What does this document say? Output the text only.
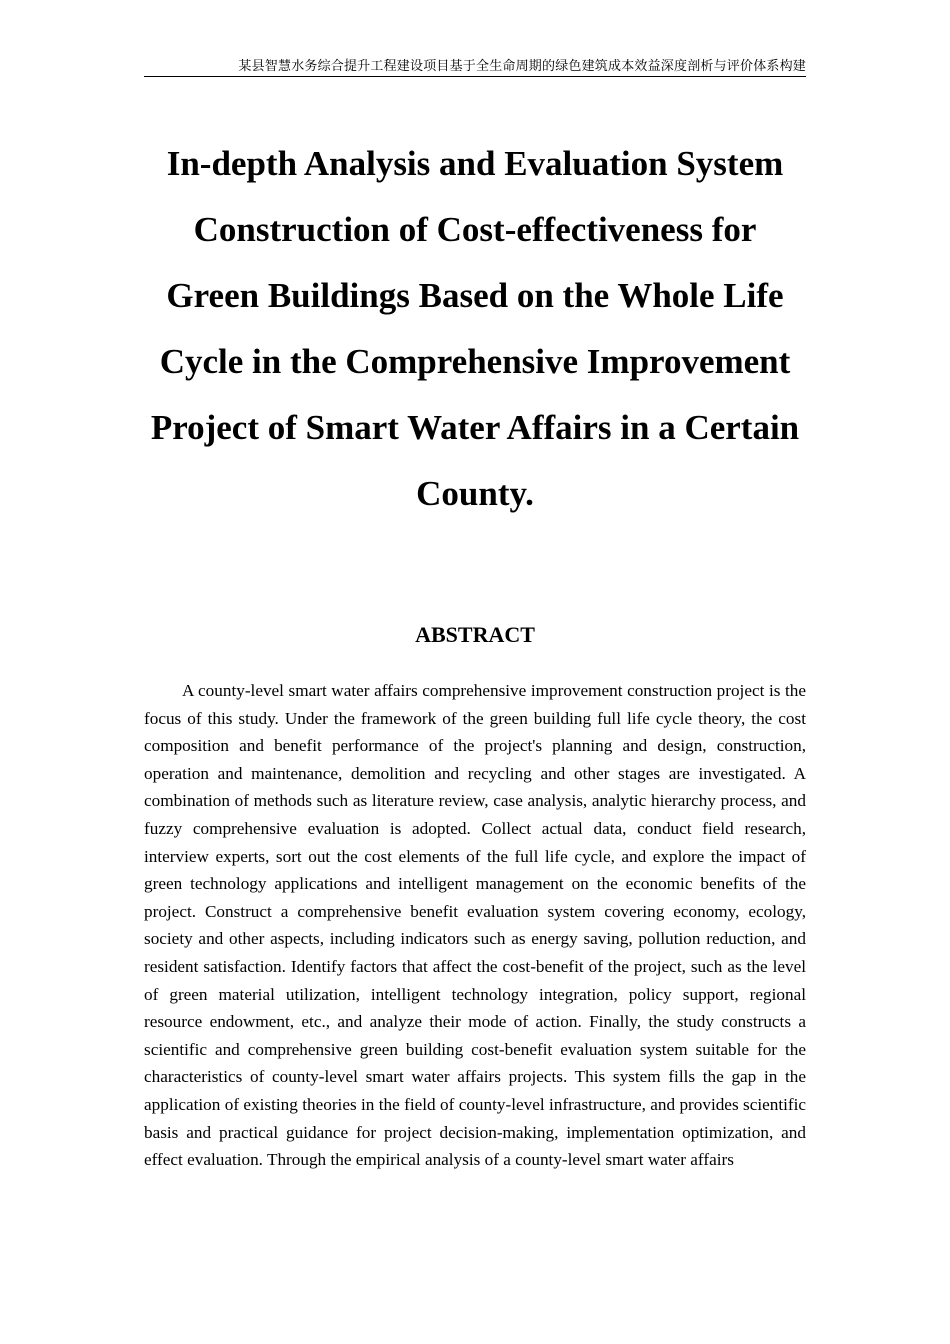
某县智慧水务综合提升工程建设项目基于全生命周期的绿色建筑成本效益深度剖析与评价体系构建
In-depth Analysis and Evaluation System Construction of Cost-effectiveness for Green Buildings Based on the Whole Life Cycle in the Comprehensive Improvement Project of Smart Water Affairs in a Certain County.
ABSTRACT

A county-level smart water affairs comprehensive improvement construction project is the focus of this study. Under the framework of the green building full life cycle theory, the cost composition and benefit performance of the project's planning and design, construction, operation and maintenance, demolition and recycling and other stages are investigated. A combination of methods such as literature review, case analysis, analytic hierarchy process, and fuzzy comprehensive evaluation is adopted. Collect actual data, conduct field research, interview experts, sort out the cost elements of the full life cycle, and explore the impact of green technology applications and intelligent management on the economic benefits of the project. Construct a comprehensive benefit evaluation system covering economy, ecology, society and other aspects, including indicators such as energy saving, pollution reduction, and resident satisfaction. Identify factors that affect the cost-benefit of the project, such as the level of green material utilization, intelligent technology integration, policy support, regional resource endowment, etc., and analyze their mode of action. Finally, the study constructs a scientific and comprehensive green building cost-benefit evaluation system suitable for the characteristics of county-level smart water affairs projects. This system fills the gap in the application of existing theories in the field of county-level infrastructure, and provides scientific basis and practical guidance for project decision-making, implementation optimization, and effect evaluation. Through the empirical analysis of a county-level smart water affairs
